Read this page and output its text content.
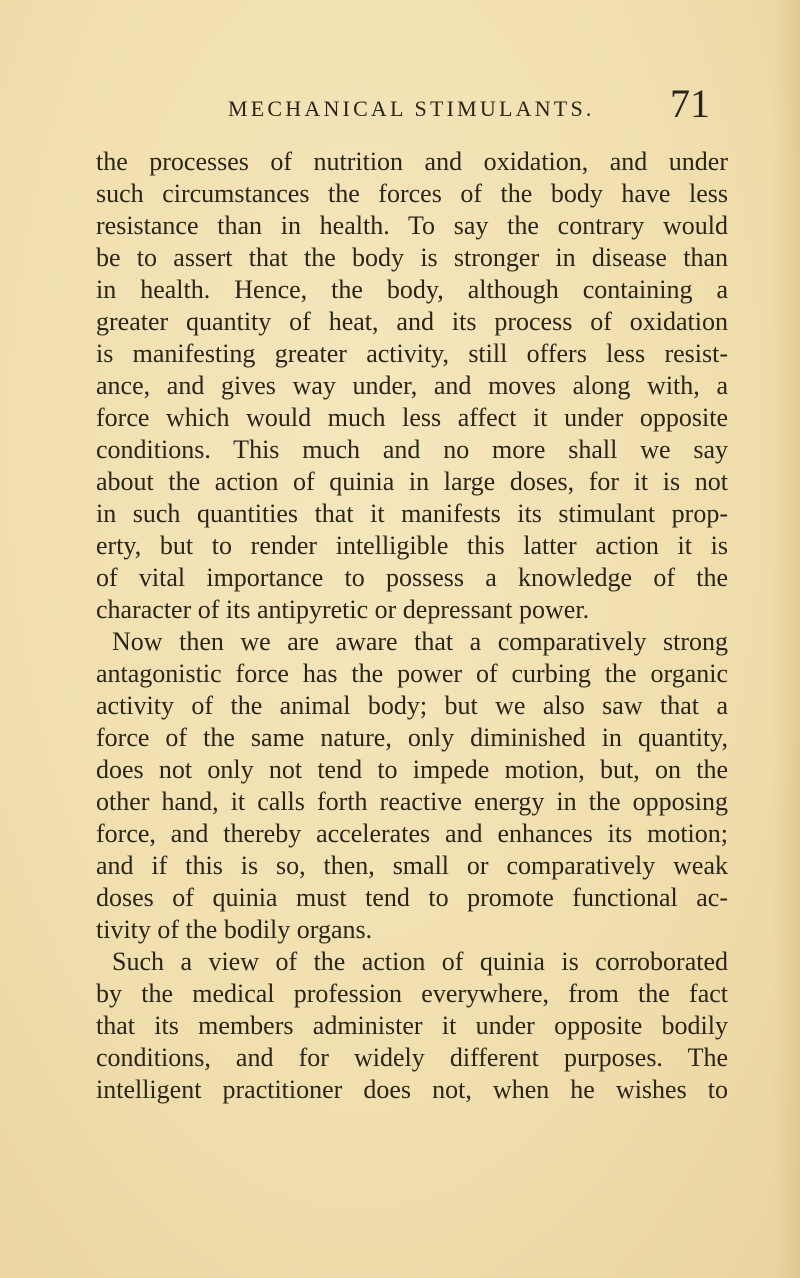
MECHANICAL STIMULANTS.	71
the processes of nutrition and oxidation, and under
such circumstances the forces of the body have less
resistance than in health. To say the contrary would
be to assert that the body is stronger in disease than
in health. Hence, the body, although containing a
greater quantity of heat, and its process of oxidation
is manifesting greater activity, still offers less resist-
ance, and gives way under, and moves along with, a
force which would much less affect it under opposite
conditions. This much and no more shall we say
about the action of quinia in large doses, for it is not
in such quantities that it manifests its stimulant prop-
erty, but to render intelligible this latter action it is
of vital importance to possess a knowledge of the
character of its antipyretic or depressant power.
Now then we are aware that a comparatively strong
antagonistic force has the power of curbing the organic
activity of the animal body; but we also saw that a
force of the same nature, only diminished in quantity,
does not only not tend to impede motion, but, on the
other hand, it calls forth reactive energy in the opposing
force, and thereby accelerates and enhances its motion;
and if this is so, then, small or comparatively weak
doses of quinia must tend to promote functional ac-
tivity of the bodily organs.
Such a view of the action of quinia is corroborated
by the medical profession everywhere, from the fact
that its members administer it under opposite bodily
conditions, and for widely different purposes. The
intelligent practitioner does not, when he wishes to
